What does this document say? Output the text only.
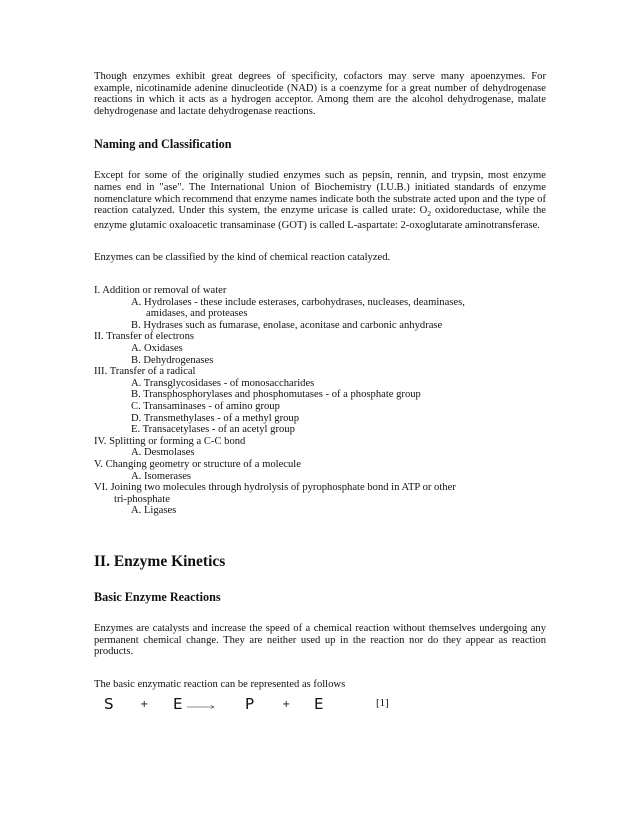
Though enzymes exhibit great degrees of specificity, cofactors may serve many apoenzymes. For example, nicotinamide adenine dinucleotide (NAD) is a coenzyme for a great number of dehydrogenase reactions in which it acts as a hydrogen acceptor. Among them are the alcohol dehydrogenase, malate dehydrogenase and lactate dehydrogenase reactions.

Naming and Classification

Except for some of the originally studied enzymes such as pepsin, rennin, and trypsin, most enzyme names end in "ase". The International Union of Biochemistry (I.U.B.) initiated standards of enzyme nomenclature which recommend that enzyme names indicate both the substrate acted upon and the type of reaction catalyzed. Under this system, the enzyme uricase is called urate: $O_2$ oxidoreductase, while the enzyme glutamic oxaloacetic transaminase (GOT) is called L-aspartate: 2-oxoglutarate aminotransferase.

Enzymes can be classified by the kind of chemical reaction catalyzed.

I. Addition or removal of water
A. Hydrolases - these include esterases, carbohydrases, nucleases, deaminases,
amidases, and proteases
B. Hydrases such as fumarase, enolase, aconitase and carbonic anhydrase
II. Transfer of electrons
A. Oxidases
B. Dehydrogenases
III. Transfer of a radical
A. Transglycosidases - of monosaccharides
B. Transphosphorylases and phosphomutases - of a phosphate group
C. Transaminases - of amino group
D. Transmethylases - of a methyl group
E. Transacetylases - of an acetyl group
IV. Splitting or forming a C-C bond
A. Desmolases
V. Changing geometry or structure of a molecule
A. Isomerases
VI. Joining two molecules through hydrolysis of pyrophosphate bond in ATP or other
tri-phosphate
A. Ligases
II. Enzyme Kinetics
Basic Enzyme Reactions

Enzymes are catalysts and increase the speed of a chemical reaction without themselves undergoing any permanent chemical change. They are neither used up in the reaction nor do they appear as reaction products.

The basic enzymatic reaction can be represented as follows

S	+ E	P	+ E	[1]
